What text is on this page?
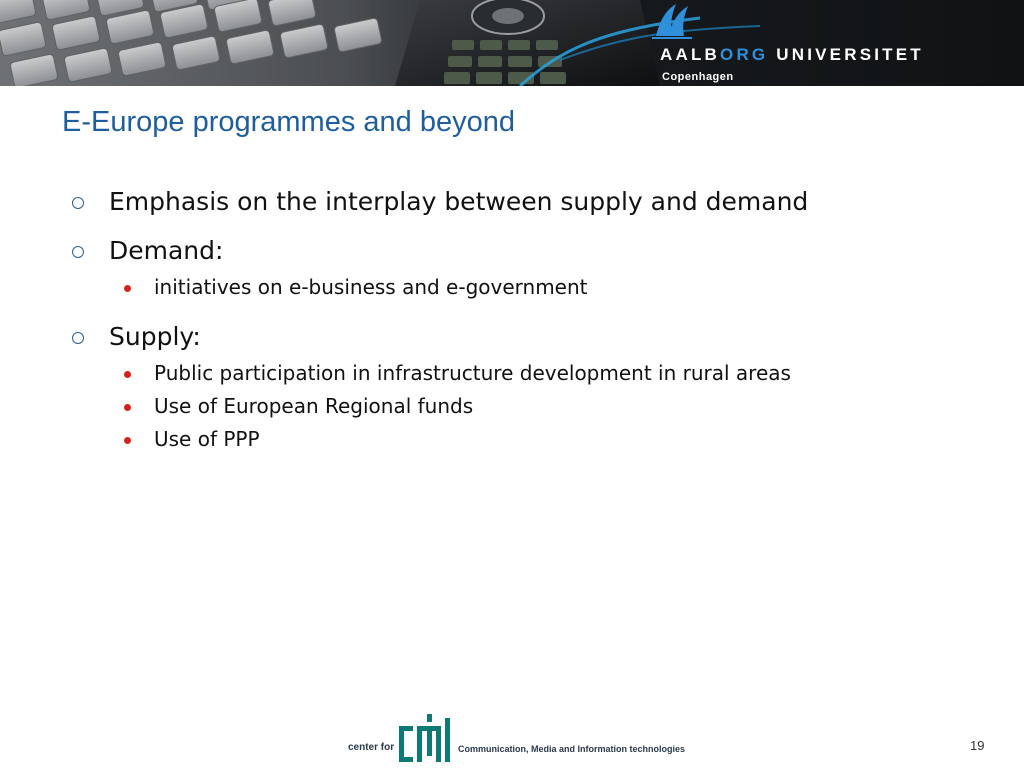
AALBORG UNIVERSITET
Copenhagen
E-Europe programmes and beyond
Emphasis on the interplay between supply and demand
Demand:
initiatives on e-business and e-government
Supply:
Public participation in infrastructure development in rural areas
Use of European Regional funds
Use of PPP
center for	Communication, Media and Information technologies	19
